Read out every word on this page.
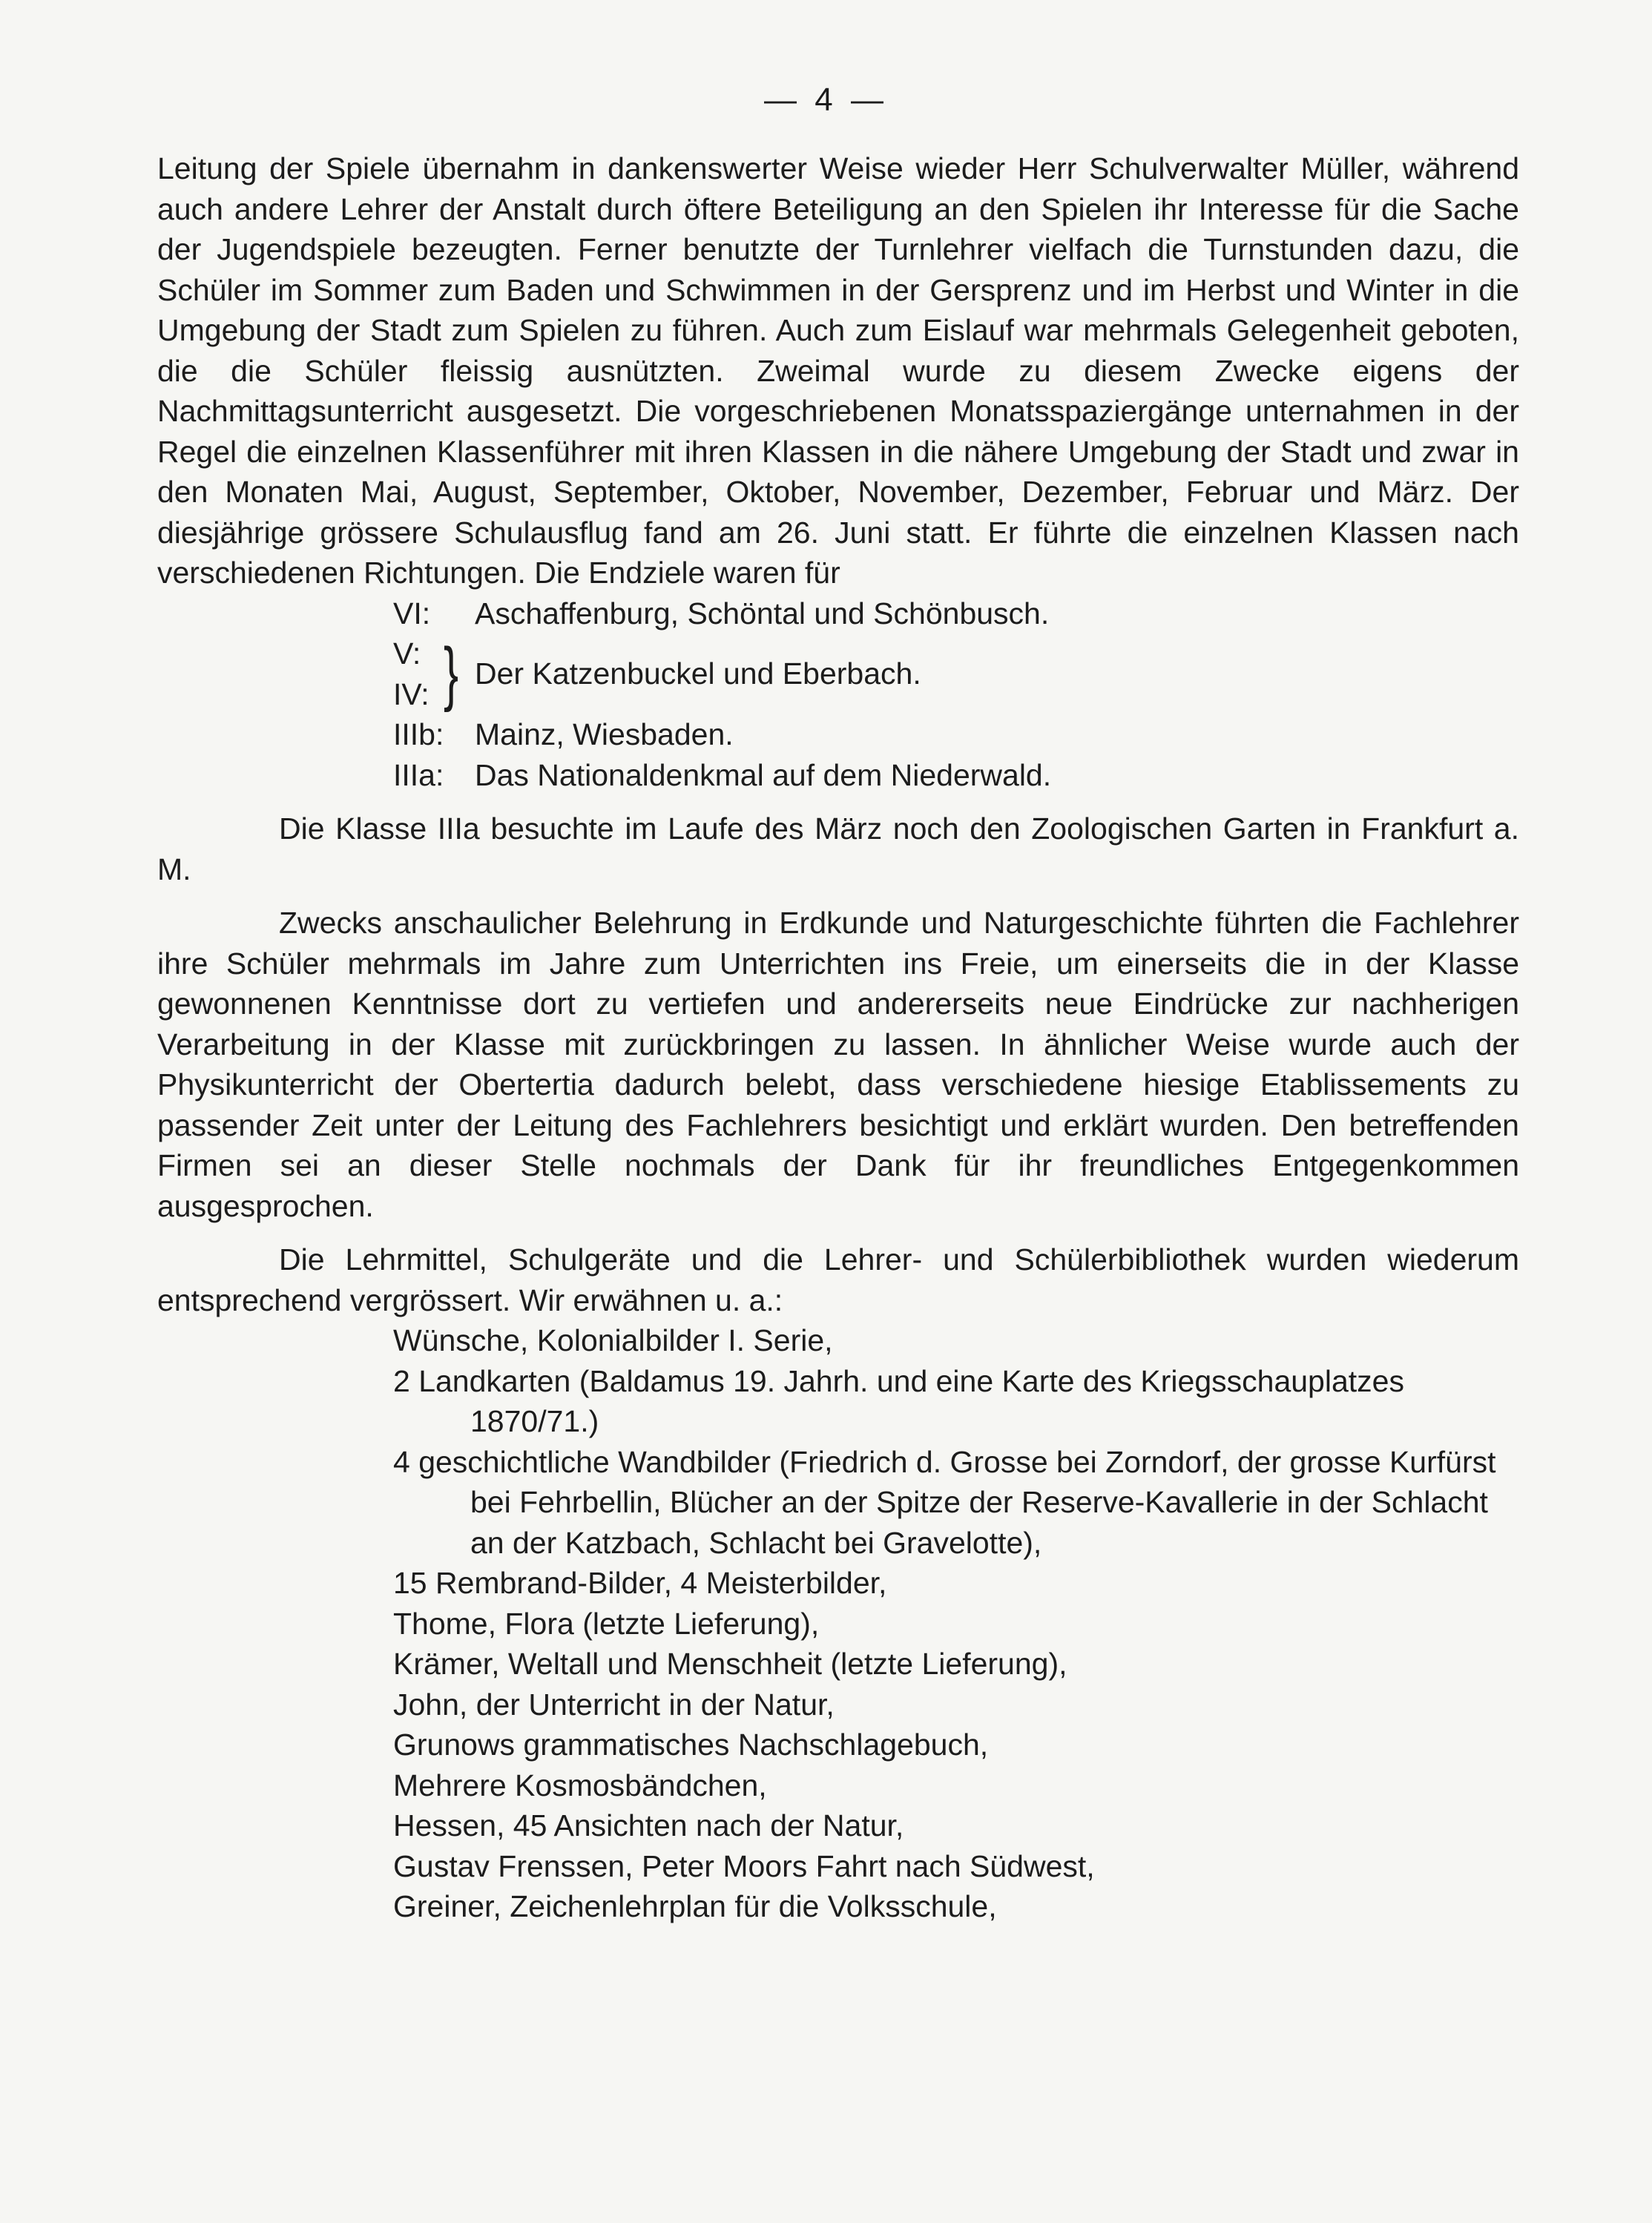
— 4 —

Leitung der Spiele übernahm in dankenswerter Weise wieder Herr Schulverwalter Müller, während auch andere Lehrer der Anstalt durch öftere Beteiligung an den Spielen ihr Interesse für die Sache der Jugendspiele bezeugten. Ferner benutzte der Turnlehrer vielfach die Turnstunden dazu, die Schüler im Sommer zum Baden und Schwimmen in der Gersprenz und im Herbst und Winter in die Umgebung der Stadt zum Spielen zu führen. Auch zum Eislauf war mehrmals Gelegenheit geboten, die die Schüler fleissig ausnützten. Zweimal wurde zu diesem Zwecke eigens der Nachmittagsunterricht ausgesetzt. Die vorgeschriebenen Monatsspaziergänge unternahmen in der Regel die einzelnen Klassenführer mit ihren Klassen in die nähere Umgebung der Stadt und zwar in den Monaten Mai, August, September, Oktober, November, Dezember, Februar und März. Der diesjährige grössere Schulausflug fand am 26. Juni statt. Er führte die einzelnen Klassen nach verschiedenen Richtungen. Die Endziele waren für

VI:	Aschaffenburg, Schöntal und Schönbusch.
V:
IV: } Der Katzenbuckel und Eberbach.
IIIb:	Mainz, Wiesbaden.
IIIa:	Das Nationaldenkmal auf dem Niederwald.

Die Klasse IIIa besuchte im Laufe des März noch den Zoologischen Garten in Frankfurt a. M.

Zwecks anschaulicher Belehrung in Erdkunde und Naturgeschichte führten die Fachlehrer ihre Schüler mehrmals im Jahre zum Unterrichten ins Freie, um einerseits die in der Klasse gewonnenen Kenntnisse dort zu vertiefen und andererseits neue Eindrücke zur nachherigen Verarbeitung in der Klasse mit zurückbringen zu lassen. In ähnlicher Weise wurde auch der Physikunterricht der Obertertia dadurch belebt, dass verschiedene hiesige Etablissements zu passender Zeit unter der Leitung des Fachlehrers besichtigt und erklärt wurden. Den betreffenden Firmen sei an dieser Stelle nochmals der Dank für ihr freundliches Entgegenkommen ausgesprochen.

Die Lehrmittel, Schulgeräte und die Lehrer- und Schülerbibliothek wurden wiederum entsprechend vergrössert. Wir erwähnen u. a.:

Wünsche, Kolonialbilder I. Serie,
2 Landkarten (Baldamus 19. Jahrh. und eine Karte des Kriegsschauplatzes 1870/71.)
4 geschichtliche Wandbilder (Friedrich d. Grosse bei Zorndorf, der grosse Kurfürst bei Fehrbellin, Blücher an der Spitze der Reserve-Kavallerie in der Schlacht an der Katzbach, Schlacht bei Gravelotte),
15 Rembrand-Bilder, 4 Meisterbilder,
Thome, Flora (letzte Lieferung),
Krämer, Weltall und Menschheit (letzte Lieferung),
John, der Unterricht in der Natur,
Grunows grammatisches Nachschlagebuch,
Mehrere Kosmosbändchen,
Hessen, 45 Ansichten nach der Natur,
Gustav Frenssen, Peter Moors Fahrt nach Südwest,
Greiner, Zeichenlehrplan für die Volksschule,
